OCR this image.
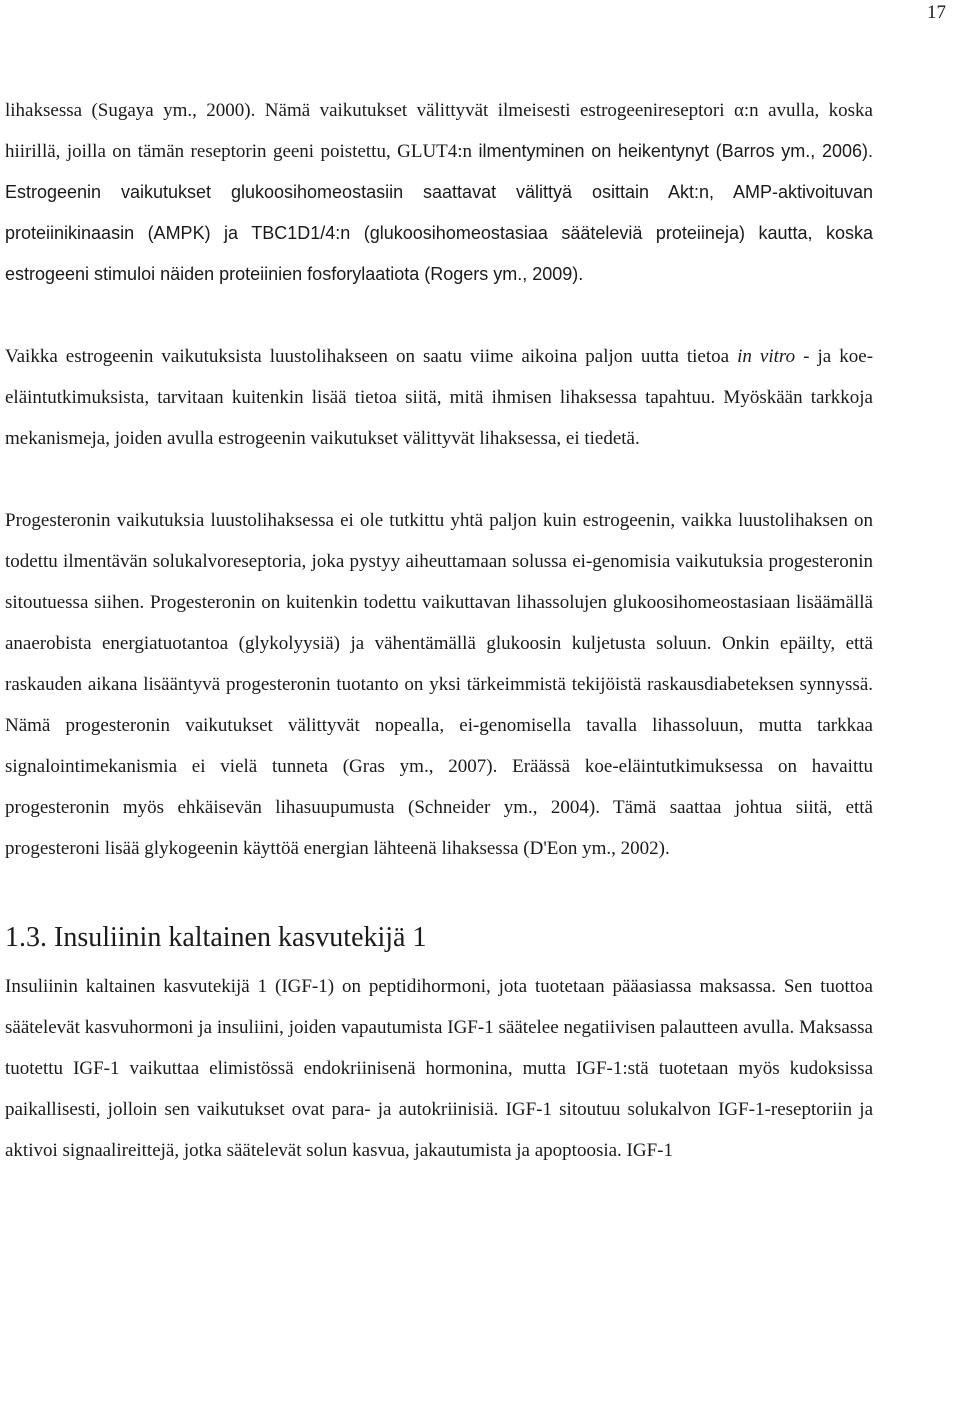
17

lihaksessa (Sugaya ym., 2000). Nämä vaikutukset välittyvät ilmeisesti estrogeenireseptori α:n avulla, koska hiirillä, joilla on tämän reseptorin geeni poistettu, GLUT4:n ilmentyminen on heikentynyt (Barros ym., 2006). Estrogeenin vaikutukset glukoosihomeostasiin saattavat välittyä osittain Akt:n, AMP-aktivoituvan proteiinikinaasin (AMPK) ja TBC1D1/4:n (glukoosihomeostasiaa sääteleviä proteiineja) kautta, koska estrogeeni stimuloi näiden proteiinien fosforylaatiota (Rogers ym., 2009).

Vaikka estrogeenin vaikutuksista luustolihakseen on saatu viime aikoina paljon uutta tietoa in vitro - ja koe-eläintutkimuksista, tarvitaan kuitenkin lisää tietoa siitä, mitä ihmisen lihaksessa tapahtuu. Myöskään tarkkoja mekanismeja, joiden avulla estrogeenin vaikutukset välittyvät lihaksessa, ei tiedetä.

Progesteronin vaikutuksia luustolihaksessa ei ole tutkittu yhtä paljon kuin estrogeenin, vaikka luustolihaksen on todettu ilmentävän solukalvoreseptoria, joka pystyy aiheuttamaan solussa ei-genomisia vaikutuksia progesteronin sitoutuessa siihen. Progesteronin on kuitenkin todettu vaikuttavan lihassolujen glukoosihomeostasiaan lisäämällä anaerobista energiatuotantoa (glykolyysiä) ja vähentämällä glukoosin kuljetusta soluun. Onkin epäilty, että raskauden aikana lisääntyvä progesteronin tuotanto on yksi tärkeimmistä tekijöistä raskausdiabeteksen synnyssä. Nämä progesteronin vaikutukset välittyvät nopealla, ei-genomisella tavalla lihassoluun, mutta tarkkaa signalointimekanismia ei vielä tunneta (Gras ym., 2007). Eräässä koe-eläintutkimuksessa on havaittu progesteronin myös ehkäisevän lihasuupumusta (Schneider ym., 2004). Tämä saattaa johtua siitä, että progesteroni lisää glykogeenin käyttöä energian lähteenä lihaksessa (D'Eon ym., 2002).

1.3. Insuliinin kaltainen kasvutekijä 1

Insuliinin kaltainen kasvutekijä 1 (IGF-1) on peptidihormoni, jota tuotetaan pääasiassa maksassa. Sen tuottoa säätelevät kasvuhormoni ja insuliini, joiden vapautumista IGF-1 säätelee negatiivisen palautteen avulla. Maksassa tuotettu IGF-1 vaikuttaa elimistössä endokriinisenä hormonina, mutta IGF-1:stä tuotetaan myös kudoksissa paikallisesti, jolloin sen vaikutukset ovat para- ja autokriinisiä. IGF-1 sitoutuu solukalvon IGF-1-reseptoriin ja aktivoi signaalireittejä, jotka säätelevät solun kasvua, jakautumista ja apoptoosia. IGF-1
